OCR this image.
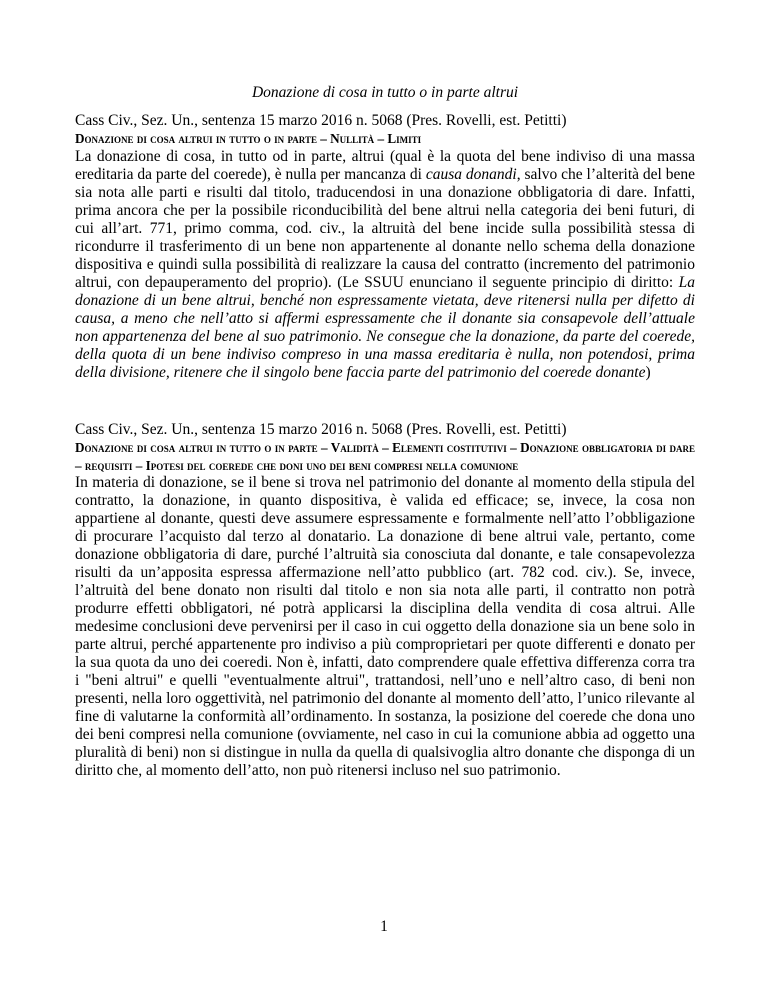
Donazione di cosa in tutto o in parte altrui

Cass Civ., Sez. Un., sentenza 15 marzo 2016 n. 5068 (Pres. Rovelli, est. Petitti)

Donazione di cosa altrui in tutto o in parte – Nullità – Limiti

La donazione di cosa, in tutto od in parte, altrui (qual è la quota del bene indiviso di una massa ereditaria da parte del coerede), è nulla per mancanza di causa donandi, salvo che l’alterità del bene sia nota alle parti e risulti dal titolo, traducendosi in una donazione obbligatoria di dare. Infatti, prima ancora che per la possibile riconducibilità del bene altrui nella categoria dei beni futuri, di cui all’art. 771, primo comma, cod. civ., la altruità del bene incide sulla possibilità stessa di ricondurre il trasferimento di un bene non appartenente al donante nello schema della donazione dispositiva e quindi sulla possibilità di realizzare la causa del contratto (incremento del patrimonio altrui, con depauperamento del proprio). (Le SSUU enunciano il seguente principio di diritto: La donazione di un bene altrui, benché non espressamente vietata, deve ritenersi nulla per difetto di causa, a meno che nell’atto si affermi espressamente che il donante sia consapevole dell’attuale non appartenenza del bene al suo patrimonio. Ne consegue che la donazione, da parte del coerede, della quota di un bene indiviso compreso in una massa ereditaria è nulla, non potendosi, prima della divisione, ritenere che il singolo bene faccia parte del patrimonio del coerede donante)

Cass Civ., Sez. Un., sentenza 15 marzo 2016 n. 5068 (Pres. Rovelli, est. Petitti)

Donazione di cosa altrui in tutto o in parte – Validità – Elementi costitutivi – Donazione obbligatoria di dare – requisiti – Ipotesi del coerede che doni uno dei beni compresi nella comunione

In materia di donazione, se il bene si trova nel patrimonio del donante al momento della stipula del contratto, la donazione, in quanto dispositiva, è valida ed efficace; se, invece, la cosa non appartiene al donante, questi deve assumere espressamente e formalmente nell’atto l’obbligazione di procurare l’acquisto dal terzo al donatario. La donazione di bene altrui vale, pertanto, come donazione obbligatoria di dare, purché l’altruità sia conosciuta dal donante, e tale consapevolezza risulti da un’apposita espressa affermazione nell’atto pubblico (art. 782 cod. civ.). Se, invece, l’altruità del bene donato non risulti dal titolo e non sia nota alle parti, il contratto non potrà produrre effetti obbligatori, né potrà applicarsi la disciplina della vendita di cosa altrui. Alle medesime conclusioni deve pervenirsi per il caso in cui oggetto della donazione sia un bene solo in parte altrui, perché appartenente pro indiviso a più comproprietari per quote differenti e donato per la sua quota da uno dei coeredi. Non è, infatti, dato comprendere quale effettiva differenza corra tra i "beni altrui" e quelli "eventualmente altrui", trattandosi, nell’uno e nell’altro caso, di beni non presenti, nella loro oggettività, nel patrimonio del donante al momento dell’atto, l’unico rilevante al fine di valutarne la conformità all’ordinamento. In sostanza, la posizione del coerede che dona uno dei beni compresi nella comunione (ovviamente, nel caso in cui la comunione abbia ad oggetto una pluralità di beni) non si distingue in nulla da quella di qualsivoglia altro donante che disponga di un diritto che, al momento dell’atto, non può ritenersi incluso nel suo patrimonio.

1
